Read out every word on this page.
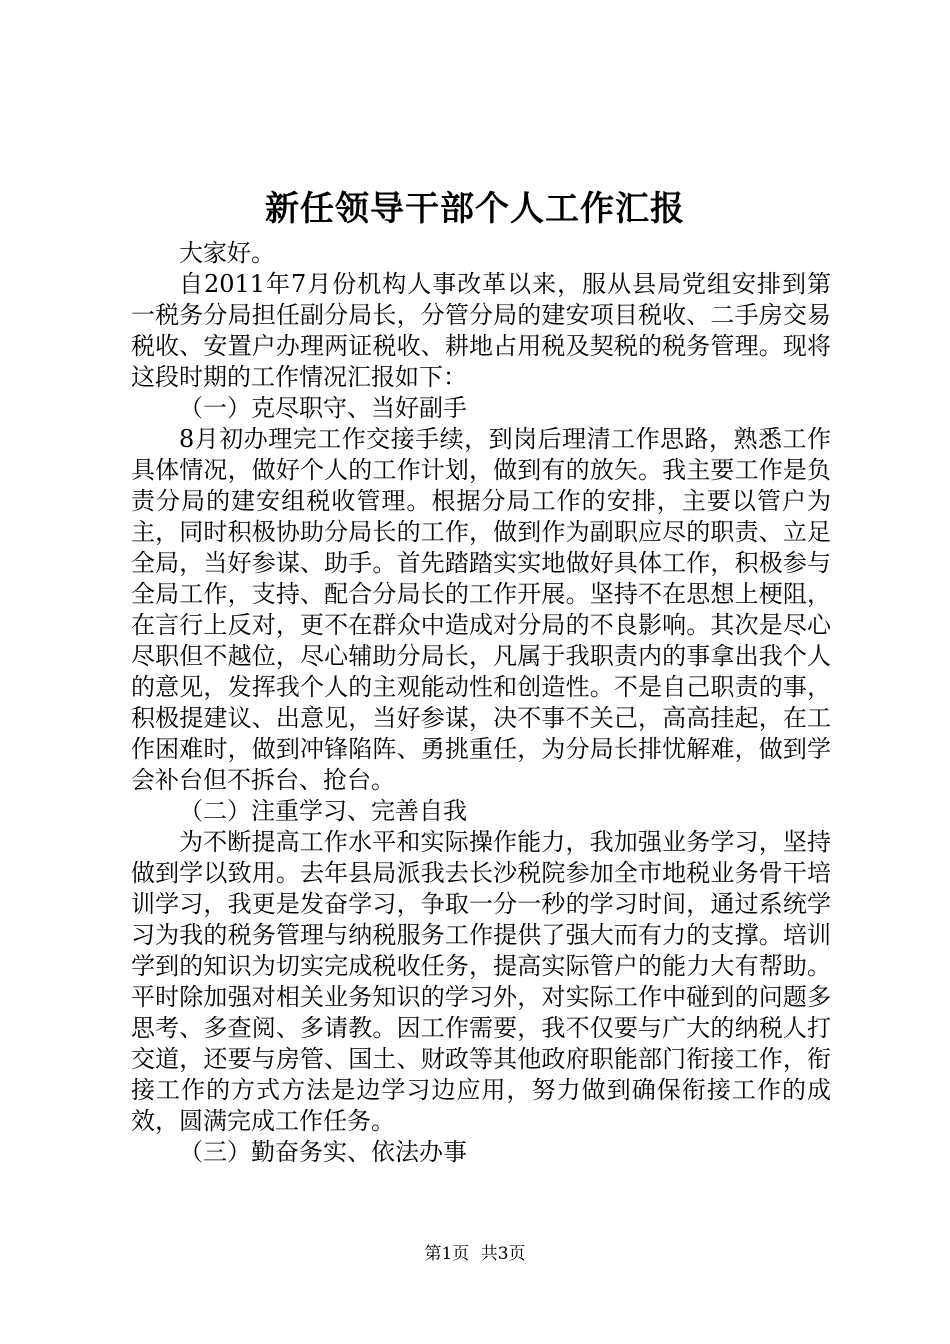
新任领导干部个人工作汇报

大家好。

自2011年7月份机构人事改革以来，服从县局党组安排到第一税务分局担任副分局长，分管分局的建安项目税收、二手房交易税收、安置户办理两证税收、耕地占用税及契税的税务管理。现将这段时期的工作情况汇报如下：

（一）克尽职守、当好副手

8月初办理完工作交接手续，到岗后理清工作思路，熟悉工作具体情况，做好个人的工作计划，做到有的放矢。我主要工作是负责分局的建安组税收管理。根据分局工作的安排，主要以管户为主，同时积极协助分局长的工作，做到作为副职应尽的职责、立足全局，当好参谋、助手。首先踏踏实实地做好具体工作，积极参与全局工作，支持、配合分局长的工作开展。坚持不在思想上梗阻，在言行上反对，更不在群众中造成对分局的不良影响。其次是尽心尽职但不越位，尽心辅助分局长，凡属于我职责内的事拿出我个人的意见，发挥我个人的主观能动性和创造性。不是自己职责的事，积极提建议、出意见，当好参谋，决不事不关己，高高挂起，在工作困难时，做到冲锋陷阵、勇挑重任，为分局长排忧解难，做到学会补台但不拆台、抢台。

（二）注重学习、完善自我

为不断提高工作水平和实际操作能力，我加强业务学习，坚持做到学以致用。去年县局派我去长沙税院参加全市地税业务骨干培训学习，我更是发奋学习，争取一分一秒的学习时间，通过系统学习为我的税务管理与纳税服务工作提供了强大而有力的支撑。培训学到的知识为切实完成税收任务，提高实际管户的能力大有帮助。平时除加强对相关业务知识的学习外，对实际工作中碰到的问题多思考、多查阅、多请教。因工作需要，我不仅要与广大的纳税人打交道，还要与房管、国土、财政等其他政府职能部门衔接工作，衔接工作的方式方法是边学习边应用，努力做到确保衔接工作的成效，圆满完成工作任务。

（三）勤奋务实、依法办事

第1页 共3页
